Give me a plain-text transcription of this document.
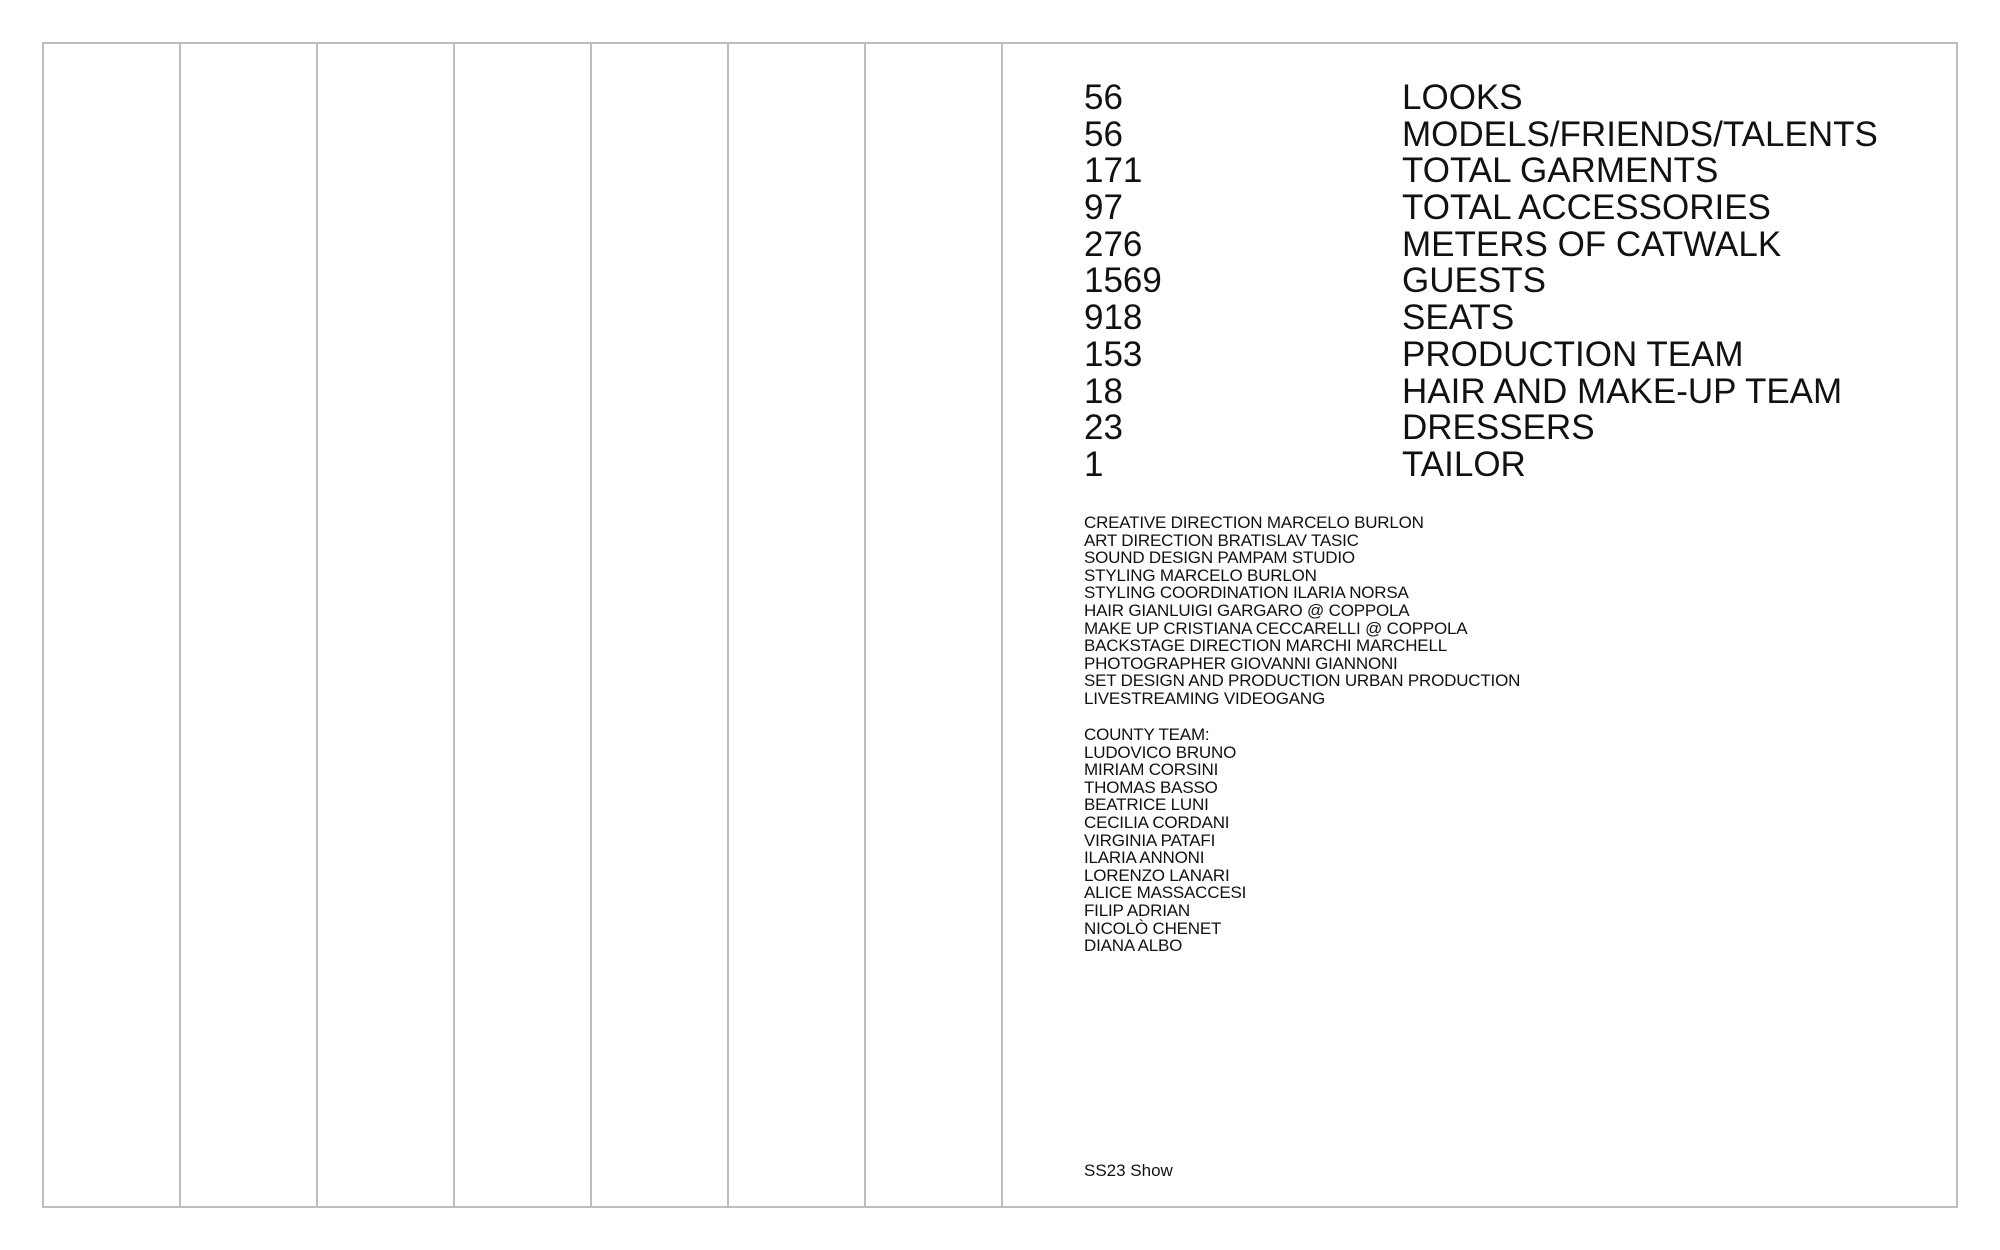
56	LOOKS
56	MODELS/FRIENDS/TALENTS
171	TOTAL GARMENTS
97	TOTAL ACCESSORIES
276	METERS OF CATWALK
1569	GUESTS
918	SEATS
153	PRODUCTION TEAM
18	HAIR AND MAKE-UP TEAM
23	DRESSERS
1	TAILOR
CREATIVE DIRECTION MARCELO BURLON
ART DIRECTION BRATISLAV TASIC
SOUND DESIGN PAMPAM STUDIO
STYLING MARCELO BURLON
STYLING COORDINATION ILARIA NORSA
HAIR GIANLUIGI GARGARO @ COPPOLA
MAKE UP CRISTIANA CECCARELLI @ COPPOLA
BACKSTAGE DIRECTION MARCHI MARCHELL
PHOTOGRAPHER GIOVANNI GIANNONI
SET DESIGN AND PRODUCTION URBAN PRODUCTION
LIVESTREAMING VIDEOGANG
COUNTY TEAM:
LUDOVICO BRUNO
MIRIAM CORSINI
THOMAS BASSO
BEATRICE LUNI
CECILIA CORDANI
VIRGINIA PATAFI
ILARIA ANNONI
LORENZO LANARI
ALICE MASSACCESI
FILIP ADRIAN
NICOLÒ CHENET
DIANA ALBO
SS23 Show
